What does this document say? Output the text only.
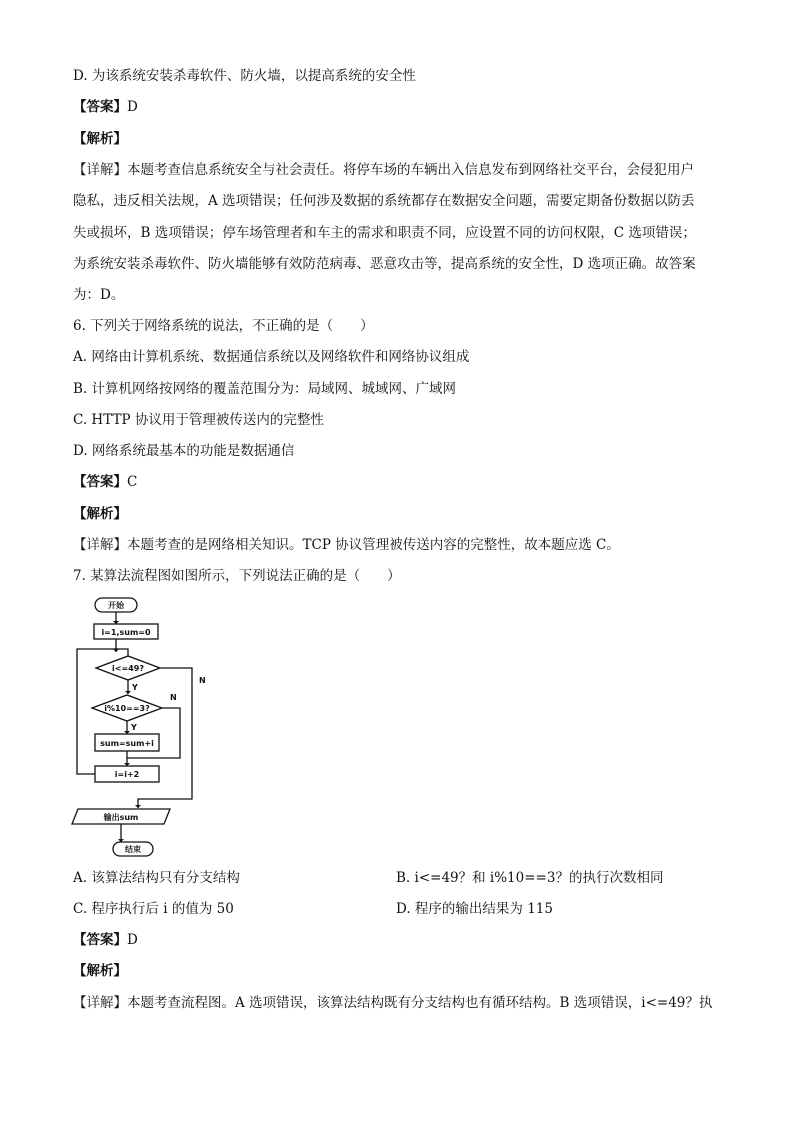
D. 为该系统安装杀毒软件、防火墙，以提高系统的安全性
【答案】D
【解析】
【详解】本题考查信息系统安全与社会责任。将停车场的车辆出入信息发布到网络社交平台，会侵犯用户
隐私，违反相关法规，A 选项错误；任何涉及数据的系统都存在数据安全问题，需要定期备份数据以防丢
失或损坏，B 选项错误；停车场管理者和车主的需求和职责不同，应设置不同的访问权限，C 选项错误；
为系统安装杀毒软件、防火墙能够有效防范病毒、恶意攻击等，提高系统的安全性，D 选项正确。故答案
为：D。
6. 下列关于网络系统的说法，不正确的是（　　）
A. 网络由计算机系统、数据通信系统以及网络软件和网络协议组成
B. 计算机网络按网络的覆盖范围分为：局域网、城域网、广域网
C. HTTP 协议用于管理被传送内的完整性
D. 网络系统最基本的功能是数据通信
【答案】C
【解析】
【详解】本题考查的是网络相关知识。TCP 协议管理被传送内容的完整性，故本题应选 C。
7. 某算法流程图如图所示，下列说法正确的是（　　）
开始
i=1,sum=0
i<=49?
Y
i%10==3?
N
Y
sum=sum+i
i=i+2
N
输出sum
结束
A. 该算法结构只有分支结构	B. i<=49？和 i%10==3？的执行次数相同
C. 程序执行后 i 的值为 50	D. 程序的输出结果为 115
【答案】D
【解析】
【详解】本题考查流程图。A 选项错误，该算法结构既有分支结构也有循环结构。B 选项错误，i<=49？执
